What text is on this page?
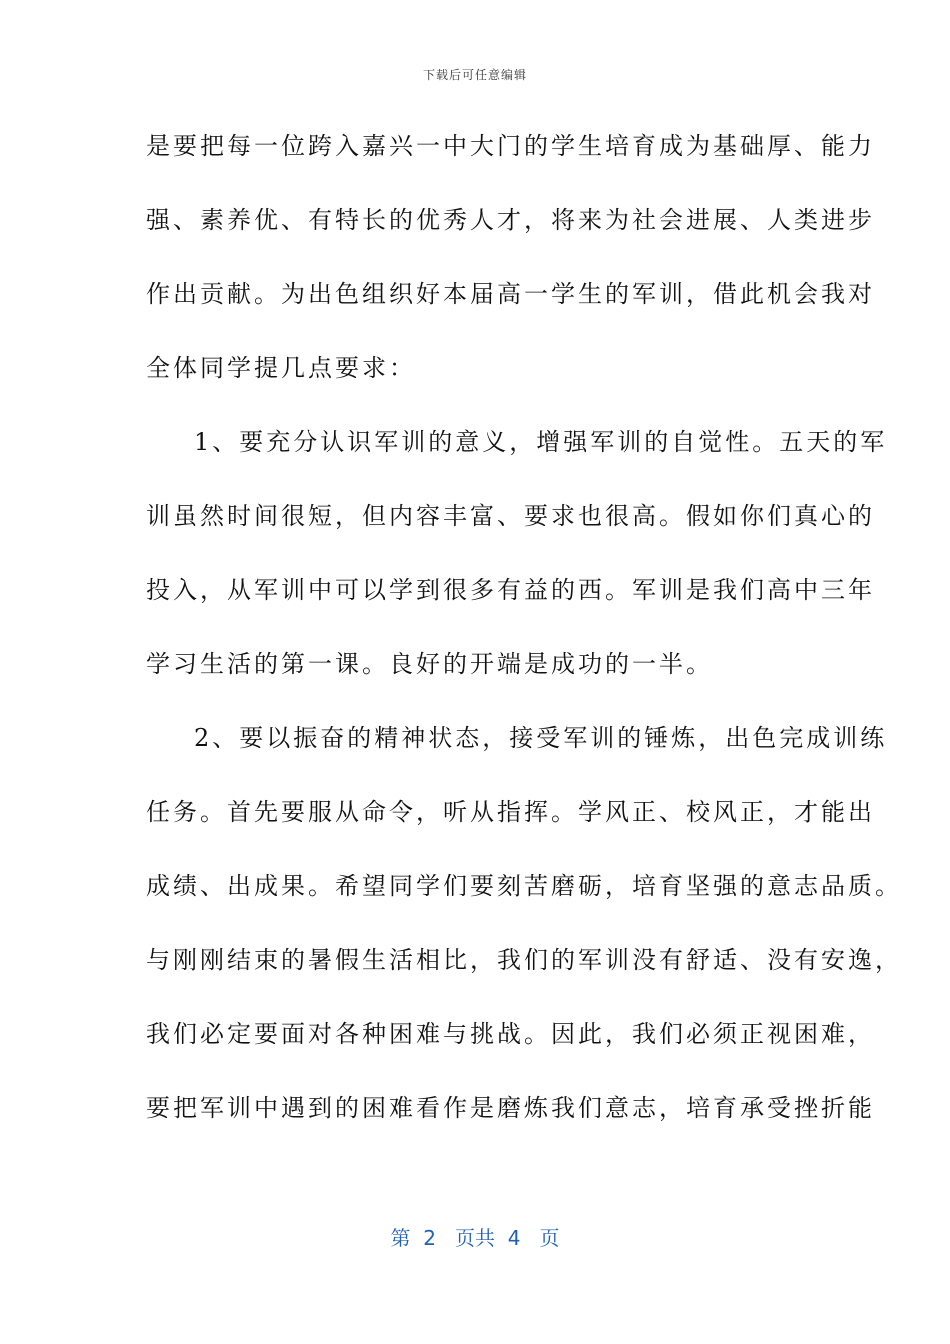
下载后可任意编辑
是要把每一位跨入嘉兴一中大门的学生培育成为基础厚、能力
强、素养优、有特长的优秀人才，将来为社会进展、人类进步
作出贡献。为出色组织好本届高一学生的军训，借此机会我对
全体同学提几点要求：
1、要充分认识军训的意义，增强军训的自觉性。五天的军
训虽然时间很短，但内容丰富、要求也很高。假如你们真心的
投入，从军训中可以学到很多有益的西。军训是我们高中三年
学习生活的第一课。良好的开端是成功的一半。
2、要以振奋的精神状态，接受军训的锤炼，出色完成训练
任务。首先要服从命令，听从指挥。学风正、校风正，才能出
成绩、出成果。希望同学们要刻苦磨砺，培育坚强的意志品质。
与刚刚结束的暑假生活相比，我们的军训没有舒适、没有安逸，
我们必定要面对各种困难与挑战。因此，我们必须正视困难，
要把军训中遇到的困难看作是磨炼我们意志，培育承受挫折能
第  2   页共  4   页
